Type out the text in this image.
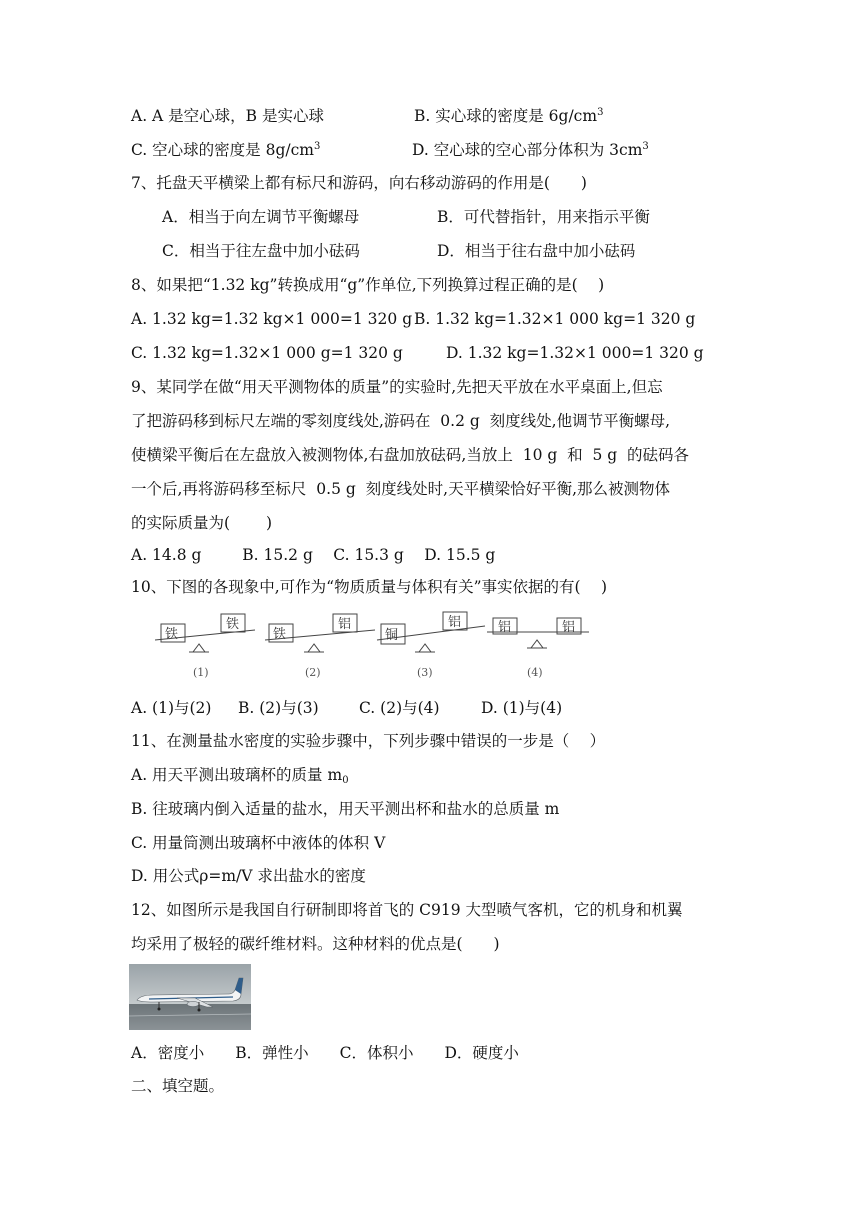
A. A 是空心球，B 是实心球	B. 实心球的密度是 $6g/cm^3$
C. 空心球的密度是 $8g/cm^3$	D. 空心球的空心部分体积为 $3cm^3$
7、托盘天平横梁上都有标尺和游码，向右移动游码的作用是(　　)
A．相当于向左调节平衡螺母	B．可代替指针，用来指示平衡
C．相当于往左盘中加小砝码	D．相当于往右盘中加小砝码
8、如果把“1.32 kg”转换成用“g”作单位,下列换算过程正确的是(　 )
A. 1.32 kg=1.32 kg×1 000=1 320 g B. 1.32 kg=1.32×1 000 kg=1 320 g
C. 1.32 kg=1.32×1 000 g=1 320 g	D. 1.32 kg=1.32×1 000=1 320 g
9、某同学在做“用天平测物体的质量”的实验时,先把天平放在水平桌面上,但忘
了把游码移到标尺左端的零刻度线处,游码在  0.2 g  刻度线处,他调节平衡螺母,
使横梁平衡后在左盘放入被测物体,右盘加放砝码,当放上  10 g  和  5 g  的砝码各
一个后,再将游码移至标尺  0.5 g  刻度线处时,天平横梁恰好平衡,那么被测物体
的实际质量为(　　 )
A. 14.8 g　　  B. 15.2 g　 C. 15.3 g　 D. 15.5 g
10、下图的各现象中,可作为“物质质量与体积有关”事实依据的有(　 )
铁
铁
铁
铝
铜
铝	铝	铝
(1)	(2)	(3)	(4)
A. (1)与(2) B. (2)与(3)	C. (2)与(4)	D. (1)与(4)
11、在测量盐水密度的实验步骤中，下列步骤中错误的一步是（　 ）
A. 用天平测出玻璃杯的质量 $m_0$
B. 往玻璃内倒入适量的盐水，用天平测出杯和盐水的总质量 m
C. 用量筒测出玻璃杯中液体的体积 V
D. 用公式ρ=m/V 求出盐水的密度
12、如图所示是我国自行研制即将首飞的 C919 大型喷气客机，它的机身和机翼
均采用了极轻的碳纤维材料。这种材料的优点是(　　)
A．密度小　　B．弹性小　　C．体积小　　D．硬度小
二、填空题。
